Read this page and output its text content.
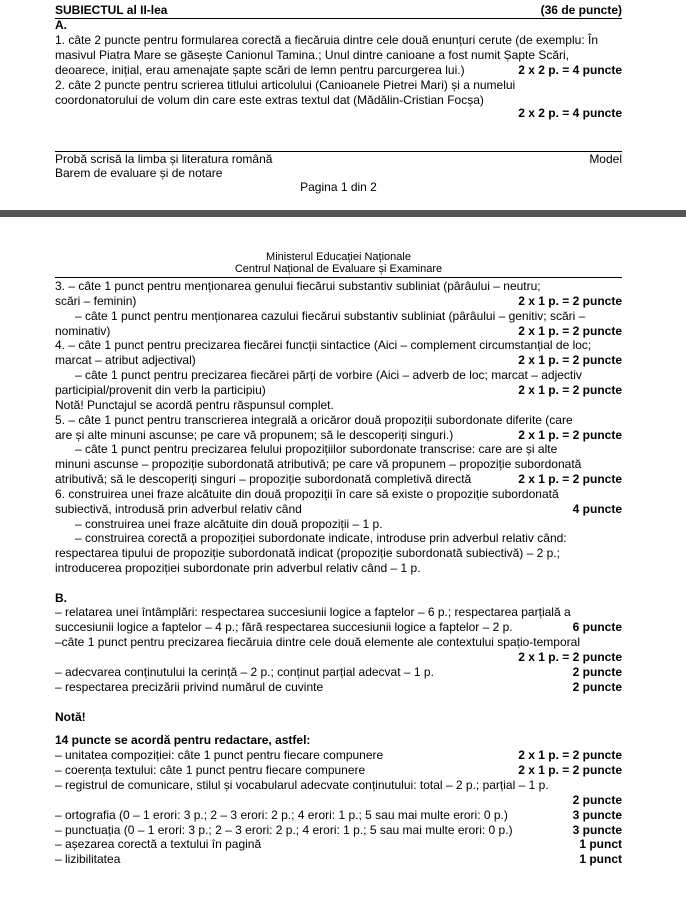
SUBIECTUL al II-lea	(36 de puncte)
A.
1. câte 2 puncte pentru formularea corectă a fiecăruia dintre cele două enunțuri cerute (de exemplu: În
masivul Piatra Mare se găsește Canionul Tamina.; Unul dintre canioane a fost numit Șapte Scări,
deoarece, inițial, erau amenajate șapte scări de lemn pentru parcurgerea lui.)	2 x 2 p. = 4 puncte
2. câte 2 puncte pentru scrierea titlului articolului (Canioanele Pietrei Mari) și a numelui
coordonatorului de volum din care este extras textul dat (Mădălin-Cristian Focșa)
2 x 2 p. = 4 puncte
Probă scrisă la limba și literatura română	Model
Barem de evaluare și de notare
Pagina 1 din 2
Ministerul Educației Naționale
Centrul Național de Evaluare și Examinare
3. – câte 1 punct pentru menționarea genului fiecărui substantiv subliniat (pârâului – neutru;
scări – feminin)	2 x 1 p. = 2 puncte
– câte 1 punct pentru menționarea cazului fiecărui substantiv subliniat (pârâului – genitiv; scări –
nominativ)	2 x 1 p. = 2 puncte
4. – câte 1 punct pentru precizarea fiecărei funcții sintactice (Aici – complement circumstanțial de loc;
marcat – atribut adjectival)	2 x 1 p. = 2 puncte
– câte 1 punct pentru precizarea fiecărei părți de vorbire (Aici – adverb de loc; marcat – adjectiv
participial/provenit din verb la participiu)	2 x 1 p. = 2 puncte
Notă! Punctajul se acordă pentru răspunsul complet.
5. – câte 1 punct pentru transcrierea integrală a oricăror două propoziții subordonate diferite (care
are și alte minuni ascunse; pe care vă propunem; să le descoperiți singuri.)	2 x 1 p. = 2 puncte
– câte 1 punct pentru precizarea felului propozițiilor subordonate transcrise: care are și alte
minuni ascunse – propoziție subordonată atributivă; pe care vă propunem – propoziție subordonată
atributivă; să le descoperiți singuri – propoziție subordonată completivă directă	2 x 1 p. = 2 puncte
6. construirea unei fraze alcătuite din două propoziții în care să existe o propoziție subordonată
subiectivă, introdusă prin adverbul relativ când	4 puncte
– construirea unei fraze alcătuite din două propoziții – 1 p.
– construirea corectă a propoziției subordonate indicate, introduse prin adverbul relativ când:
respectarea tipului de propoziție subordonată indicat (propoziție subordonată subiectivă) – 2 p.;
introducerea propoziției subordonate prin adverbul relativ când – 1 p.
B.
– relatarea unei întâmplări: respectarea succesiunii logice a faptelor – 6 p.; respectarea parțială a
succesiunii logice a faptelor – 4 p.; fără respectarea succesiunii logice a faptelor – 2 p.	6 puncte
–câte 1 punct pentru precizarea fiecăruia dintre cele două elemente ale contextului spațio-temporal
2 x 1 p. = 2 puncte
– adecvarea conținutului la cerință – 2 p.; conținut parțial adecvat – 1 p.	2 puncte
– respectarea precizării privind numărul de cuvinte	2 puncte
Notă!
14 puncte se acordă pentru redactare, astfel:
– unitatea compoziției: câte 1 punct pentru fiecare compunere	2 x 1 p. = 2 puncte
– coerența textului: câte 1 punct pentru fiecare compunere	2 x 1 p. = 2 puncte
– registrul de comunicare, stilul și vocabularul adecvate conținutului: total – 2 p.; parțial – 1 p.
2 puncte
– ortografia (0 – 1 erori: 3 p.; 2 – 3 erori: 2 p.; 4 erori: 1 p.; 5 sau mai multe erori: 0 p.)	3 puncte
– punctuația (0 – 1 erori: 3 p.; 2 – 3 erori: 2 p.; 4 erori: 1 p.; 5 sau mai multe erori: 0 p.)	3 puncte
– așezarea corectă a textului în pagină	1 punct
– lizibilitatea	1 punct
